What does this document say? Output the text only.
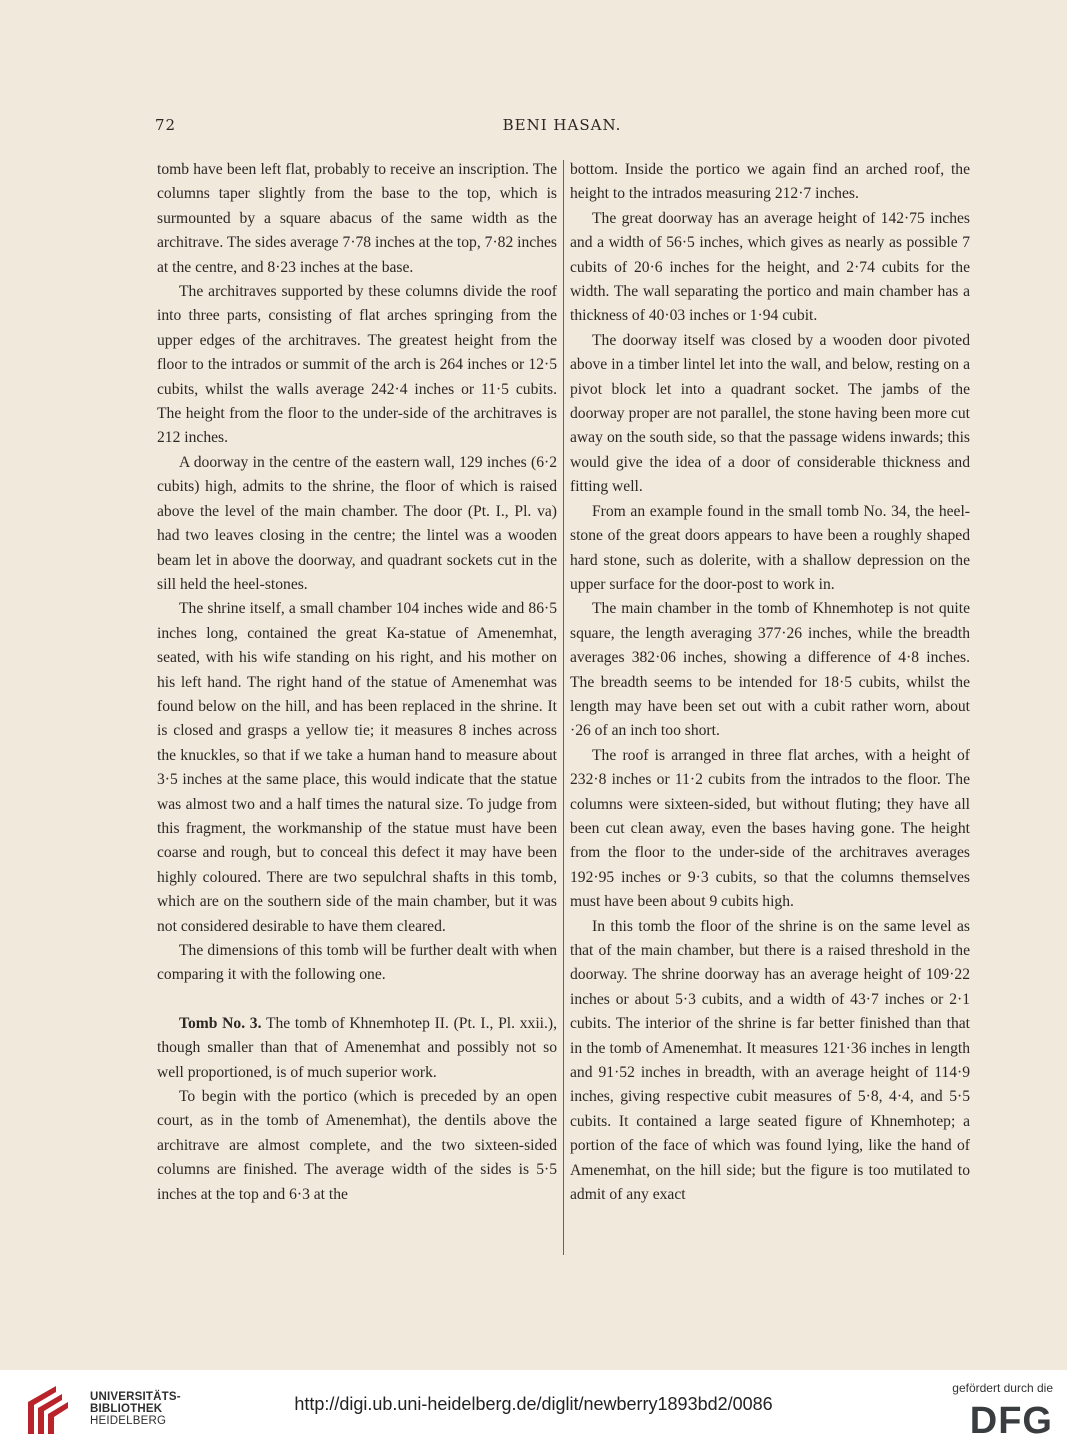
72	BENI HASAN.

tomb have been left flat, probably to receive an inscription. The columns taper slightly from the base to the top, which is surmounted by a square abacus of the same width as the architrave. The sides average 7·78 inches at the top, 7·82 inches at the centre, and 8·23 inches at the base.

The architraves supported by these columns divide the roof into three parts, consisting of flat arches springing from the upper edges of the architraves. The greatest height from the floor to the intrados or summit of the arch is 264 inches or 12·5 cubits, whilst the walls average 242·4 inches or 11·5 cubits. The height from the floor to the under-side of the architraves is 212 inches.

A doorway in the centre of the eastern wall, 129 inches (6·2 cubits) high, admits to the shrine, the floor of which is raised above the level of the main chamber. The door (Pt. I., Pl. va) had two leaves closing in the centre; the lintel was a wooden beam let in above the doorway, and quadrant sockets cut in the sill held the heel-stones.

The shrine itself, a small chamber 104 inches wide and 86·5 inches long, contained the great Ka-statue of Amenemhat, seated, with his wife standing on his right, and his mother on his left hand. The right hand of the statue of Amenemhat was found below on the hill, and has been replaced in the shrine. It is closed and grasps a yellow tie; it measures 8 inches across the knuckles, so that if we take a human hand to measure about 3·5 inches at the same place, this would indicate that the statue was almost two and a half times the natural size. To judge from this fragment, the workmanship of the statue must have been coarse and rough, but to conceal this defect it may have been highly coloured. There are two sepulchral shafts in this tomb, which are on the southern side of the main chamber, but it was not considered desirable to have them cleared.

The dimensions of this tomb will be further dealt with when comparing it with the following one.

Tomb No. 3. The tomb of Khnemhotep II. (Pt. I., Pl. xxii.), though smaller than that of Amenemhat and possibly not so well proportioned, is of much superior work.

To begin with the portico (which is preceded by an open court, as in the tomb of Amenemhat), the dentils above the architrave are almost complete, and the two sixteen-sided columns are finished. The average width of the sides is 5·5 inches at the top and 6·3 at the

bottom. Inside the portico we again find an arched roof, the height to the intrados measuring 212·7 inches.

The great doorway has an average height of 142·75 inches and a width of 56·5 inches, which gives as nearly as possible 7 cubits of 20·6 inches for the height, and 2·74 cubits for the width. The wall separating the portico and main chamber has a thickness of 40·03 inches or 1·94 cubit.

The doorway itself was closed by a wooden door pivoted above in a timber lintel let into the wall, and below, resting on a pivot block let into a quadrant socket. The jambs of the doorway proper are not parallel, the stone having been more cut away on the south side, so that the passage widens inwards; this would give the idea of a door of considerable thickness and fitting well.

From an example found in the small tomb No. 34, the heel-stone of the great doors appears to have been a roughly shaped hard stone, such as dolerite, with a shallow depression on the upper surface for the door-post to work in.

The main chamber in the tomb of Khnemhotep is not quite square, the length averaging 377·26 inches, while the breadth averages 382·06 inches, showing a difference of 4·8 inches. The breadth seems to be intended for 18·5 cubits, whilst the length may have been set out with a cubit rather worn, about ·26 of an inch too short.

The roof is arranged in three flat arches, with a height of 232·8 inches or 11·2 cubits from the intrados to the floor. The columns were sixteen-sided, but without fluting; they have all been cut clean away, even the bases having gone. The height from the floor to the under-side of the architraves averages 192·95 inches or 9·3 cubits, so that the columns themselves must have been about 9 cubits high.

In this tomb the floor of the shrine is on the same level as that of the main chamber, but there is a raised threshold in the doorway. The shrine doorway has an average height of 109·22 inches or about 5·3 cubits, and a width of 43·7 inches or 2·1 cubits. The interior of the shrine is far better finished than that in the tomb of Amenemhat. It measures 121·36 inches in length and 91·52 inches in breadth, with an average height of 114·9 inches, giving respective cubit measures of 5·8, 4·4, and 5·5 cubits. It contained a large seated figure of Khnemhotep; a portion of the face of which was found lying, like the hand of Amenemhat, on the hill side; but the figure is too mutilated to admit of any exact

UNIVERSITÄTS-
BIBLIOTHEK
HEIDELBERG
http://digi.ub.uni-heidelberg.de/diglit/newberry1893bd2/0086
gefördert durch die
DFG
